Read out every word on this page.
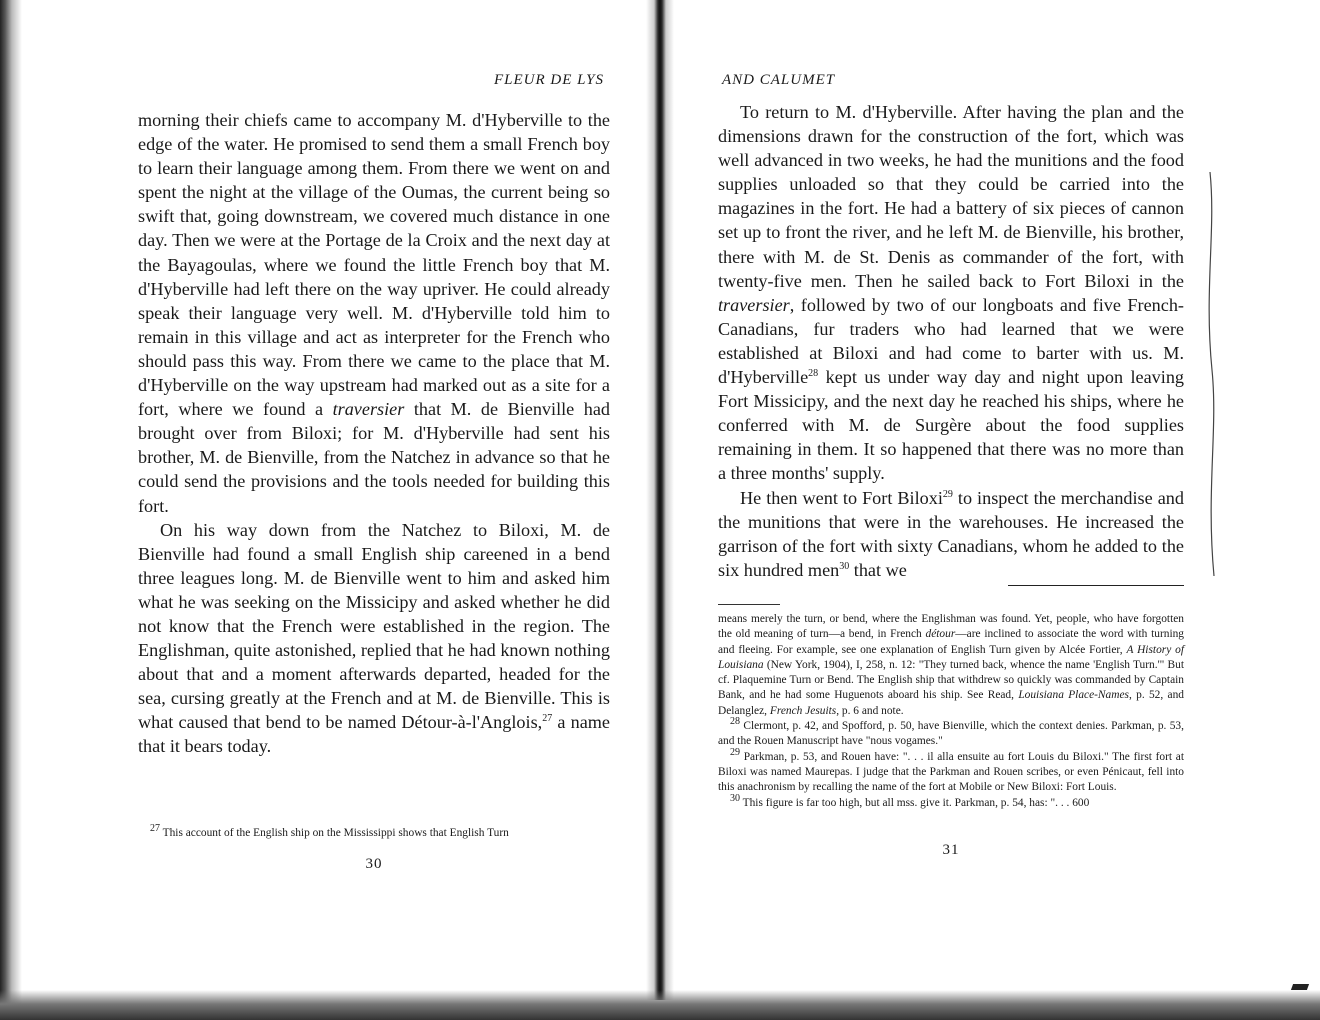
FLEUR DE LYS

morning their chiefs came to accompany M. d'Hyberville to the edge of the water. He promised to send them a small French boy to learn their language among them. From there we went on and spent the night at the village of the Oumas, the current being so swift that, going downstream, we covered much distance in one day. Then we were at the Portage de la Croix and the next day at the Bayagoulas, where we found the little French boy that M. d'Hyberville had left there on the way upriver. He could already speak their language very well. M. d'Hyberville told him to remain in this village and act as interpreter for the French who should pass this way. From there we came to the place that M. d'Hyberville on the way upstream had marked out as a site for a fort, where we found a traversier that M. de Bienville had brought over from Biloxi; for M. d'Hyberville had sent his brother, M. de Bienville, from the Natchez in advance so that he could send the provisions and the tools needed for building this fort.

On his way down from the Natchez to Biloxi, M. de Bienville had found a small English ship careened in a bend three leagues long. M. de Bienville went to him and asked him what he was seeking on the Missicipy and asked whether he did not know that the French were established in the region. The Englishman, quite astonished, replied that he had known nothing about that and a moment afterwards departed, headed for the sea, cursing greatly at the French and at M. de Bienville. This is what caused that bend to be named Détour-à-l'Anglois,$^{27}$ a name that it bears today.

$^{27}$ This account of the English ship on the Mississippi shows that English Turn

30
AND CALUMET

To return to M. d'Hyberville. After having the plan and the dimensions drawn for the construction of the fort, which was well advanced in two weeks, he had the munitions and the food supplies unloaded so that they could be carried into the magazines in the fort. He had a battery of six pieces of cannon set up to front the river, and he left M. de Bienville, his brother, there with M. de St. Denis as commander of the fort, with twenty-five men. Then he sailed back to Fort Biloxi in the traversier, followed by two of our longboats and five French-Canadians, fur traders who had learned that we were established at Biloxi and had come to barter with us. M. d'Hyberville$^{28}$ kept us under way day and night upon leaving Fort Missicipy, and the next day he reached his ships, where he conferred with M. de Surgère about the food supplies remaining in them. It so happened that there was no more than a three months' supply.

He then went to Fort Biloxi$^{29}$ to inspect the merchandise and the munitions that were in the warehouses. He increased the garrison of the fort with sixty Canadians, whom he added to the six hundred men$^{30}$ that we

means merely the turn, or bend, where the Englishman was found. Yet, people, who have forgotten the old meaning of turn—a bend, in French détour—are inclined to associate the word with turning and fleeing. For example, see one explanation of English Turn given by Alcée Fortier, A History of Louisiana (New York, 1904), I, 258, n. 12: "They turned back, whence the name 'English Turn.'" But cf. Plaquemine Turn or Bend. The English ship that withdrew so quickly was commanded by Captain Bank, and he had some Huguenots aboard his ship. See Read, Louisiana Place-Names, p. 52, and Delanglez, French Jesuits, p. 6 and note.

$^{28}$ Clermont, p. 42, and Spofford, p. 50, have Bienville, which the context denies. Parkman, p. 53, and the Rouen Manuscript have "nous vogames."

$^{29}$ Parkman, p. 53, and Rouen have: ". . . il alla ensuite au fort Louis du Biloxi." The first fort at Biloxi was named Maurepas. I judge that the Parkman and Rouen scribes, or even Pénicaut, fell into this anachronism by recalling the name of the fort at Mobile or New Biloxi: Fort Louis.

$^{30}$ This figure is far too high, but all mss. give it. Parkman, p. 54, has: ". . . 600

31
